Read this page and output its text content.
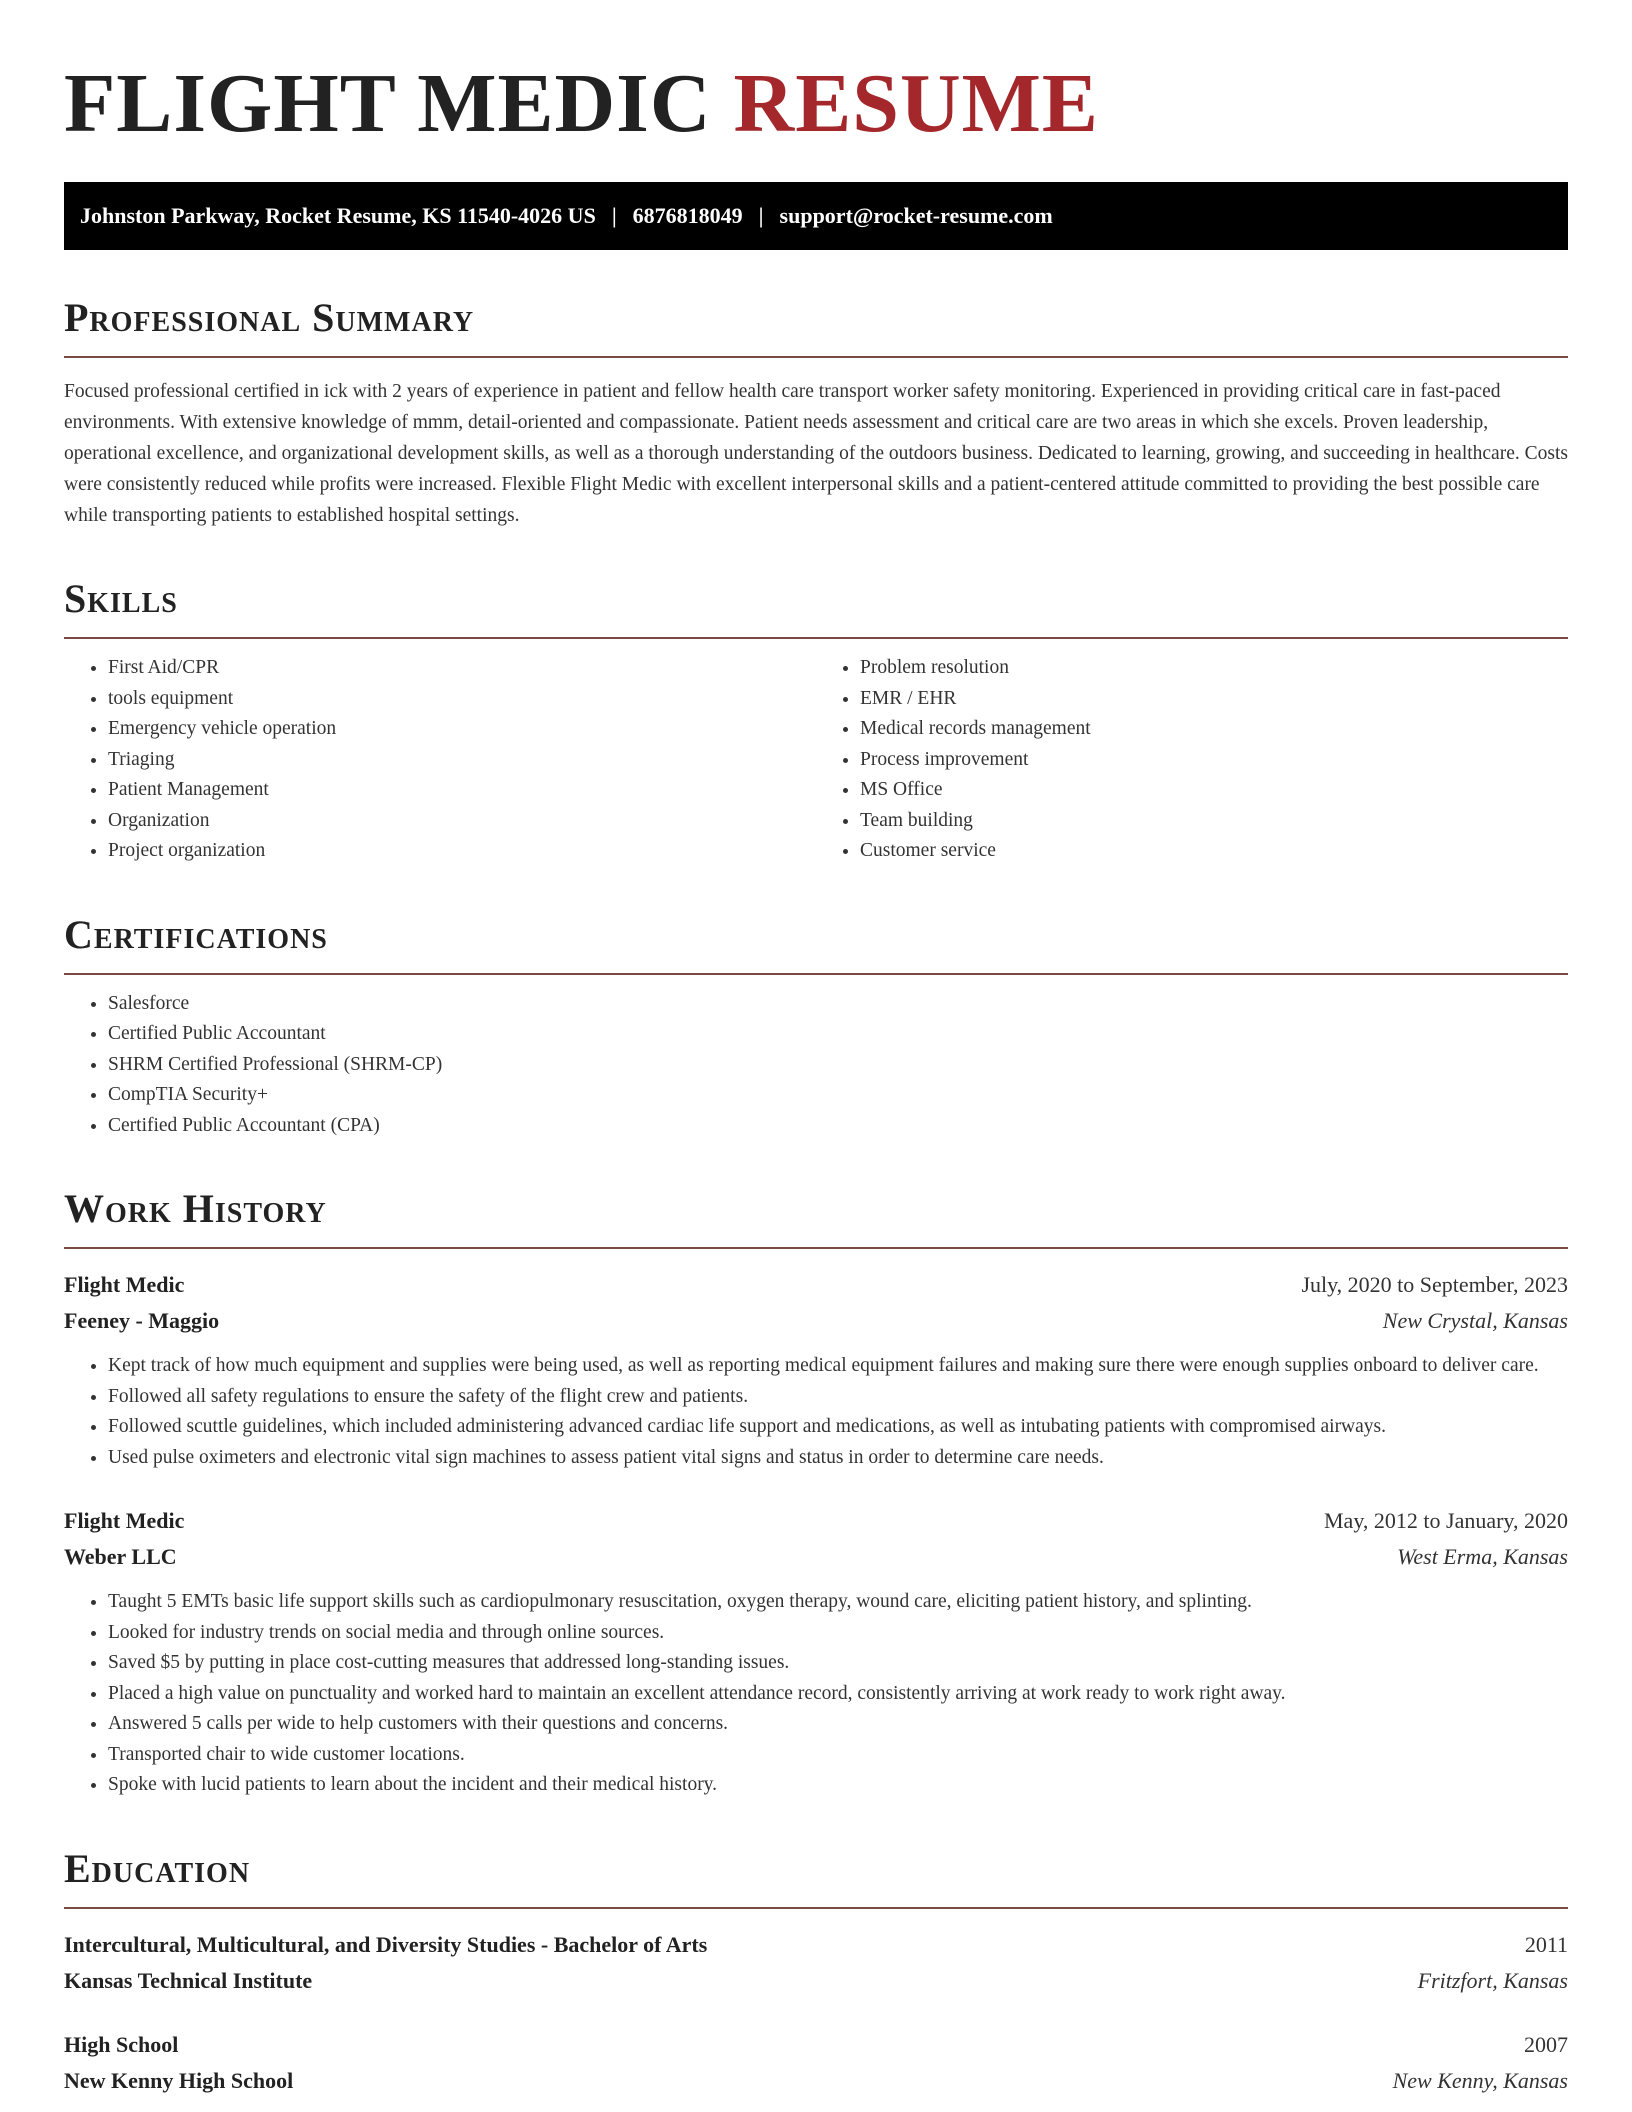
FLIGHT MEDIC RESUME
Johnston Parkway, Rocket Resume, KS 11540-4026 US | 6876818049 | support@rocket-resume.com
Professional Summary

Focused professional certified in ick with 2 years of experience in patient and fellow health care transport worker safety monitoring. Experienced in providing critical care in fast-paced environments. With extensive knowledge of mmm, detail-oriented and compassionate. Patient needs assessment and critical care are two areas in which she excels. Proven leadership, operational excellence, and organizational development skills, as well as a thorough understanding of the outdoors business. Dedicated to learning, growing, and succeeding in healthcare. Costs were consistently reduced while profits were increased. Flexible Flight Medic with excellent interpersonal skills and a patient-centered attitude committed to providing the best possible care while transporting patients to established hospital settings.

Skills
• First Aid/CPR
• tools equipment
• Emergency vehicle operation
• Triaging
• Patient Management
• Organization
• Project organization
• Problem resolution
• EMR / EHR
• Medical records management
• Process improvement
• MS Office
• Team building
• Customer service
Certifications
• Salesforce
• Certified Public Accountant
• SHRM Certified Professional (SHRM-CP)
• CompTIA Security+
• Certified Public Accountant (CPA)
Work History
Flight Medic	July, 2020 to September, 2023
Feeney - Maggio	New Crystal, Kansas
• Kept track of how much equipment and supplies were being used, as well as reporting medical equipment failures and making sure there were enough supplies onboard to deliver care.
• Followed all safety regulations to ensure the safety of the flight crew and patients.
• Followed scuttle guidelines, which included administering advanced cardiac life support and medications, as well as intubating patients with compromised airways.
• Used pulse oximeters and electronic vital sign machines to assess patient vital signs and status in order to determine care needs.
Flight Medic	May, 2012 to January, 2020
Weber LLC	West Erma, Kansas
• Taught 5 EMTs basic life support skills such as cardiopulmonary resuscitation, oxygen therapy, wound care, eliciting patient history, and splinting.
• Looked for industry trends on social media and through online sources.
• Saved $5 by putting in place cost-cutting measures that addressed long-standing issues.
• Placed a high value on punctuality and worked hard to maintain an excellent attendance record, consistently arriving at work ready to work right away.
• Answered 5 calls per wide to help customers with their questions and concerns.
• Transported chair to wide customer locations.
• Spoke with lucid patients to learn about the incident and their medical history.
Education
Intercultural, Multicultural, and Diversity Studies - Bachelor of Arts	2011
Kansas Technical Institute	Fritzfort, Kansas
High School	2007
New Kenny High School	New Kenny, Kansas
